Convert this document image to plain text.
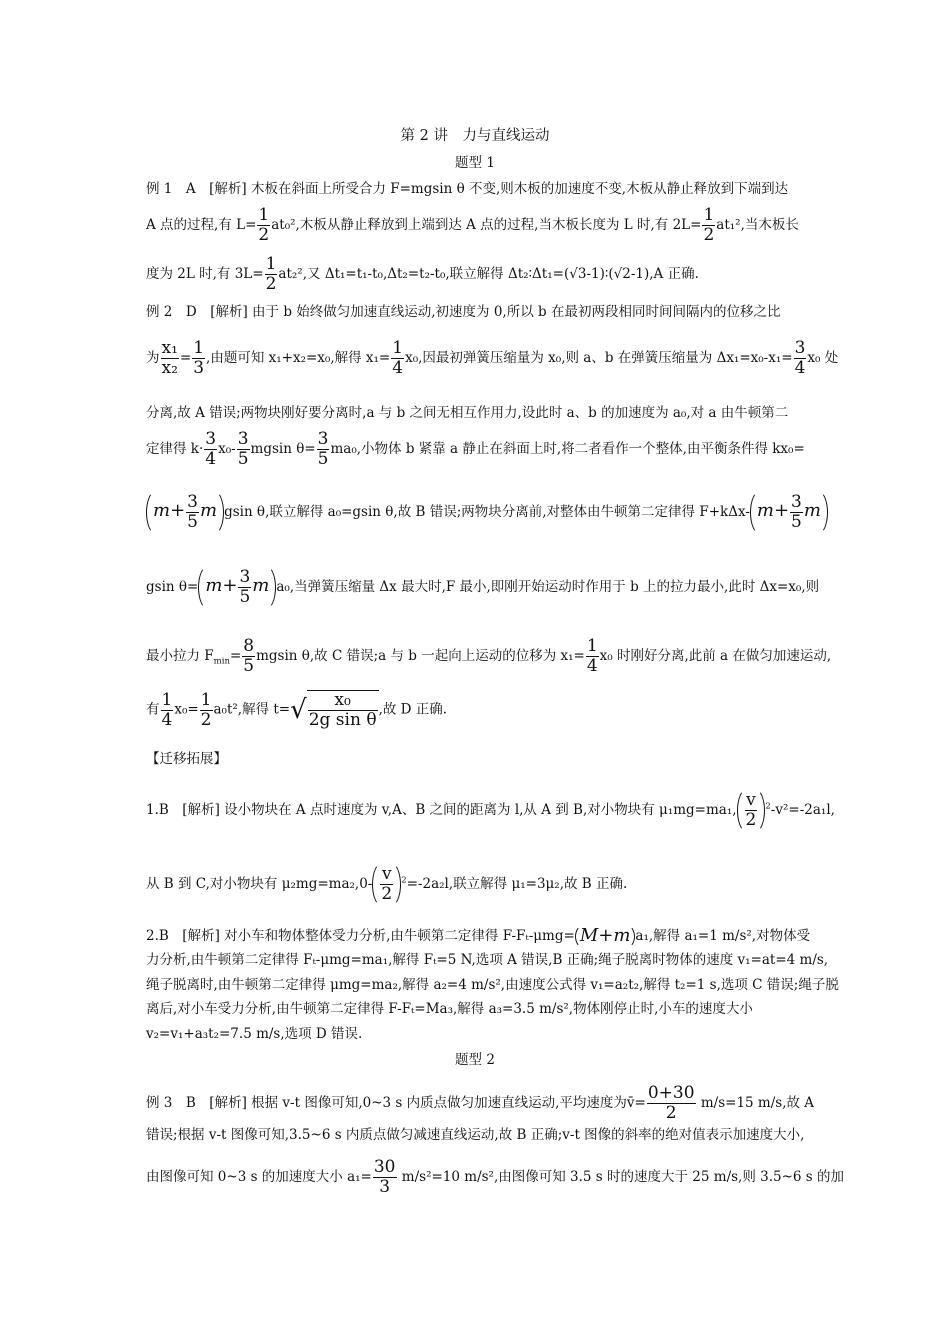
第 2 讲　力与直线运动
题型 1
例 1　A　[解析] 木板在斜面上所受合力 F=mgsin θ 不变,则木板的加速度不变,木板从静止释放到下端到达
A 点的过程,有 $L= \frac{1}{2} at_0^2$,木板从静止释放到上端到达 A 点的过程,当木板长度为 L 时,有 $2L= \frac{1}{2} at_1^2$,当木板长
度为 2L 时,有 $3L= \frac{1}{2} at_2^2$,又 Δt₁=t₁-t₀,Δt₂=t₂-t₀,联立解得 Δt₂∶Δt₁=(√3-1)∶(√2-1),A 正确.
例 2　D　[解析] 由于 b 始终做匀加速直线运动,初速度为 0,所以 b 在最初两段相同时间间隔内的位移之比
为 $\frac{\text{x₁}}{\text{x₂}} = \frac{1}{3}$ ,由题可知 x₁+x₂=x₀,解得 $x_1= \frac{1}{4} x_0$,因最初弹簧压缩量为 x₀,则 a、b 在弹簧压缩量为 $\Delta x_1=x_0-x_1= \frac{3}{4} x_0$ 处
分离,故 A 错误;两物块刚好要分离时,a 与 b 之间无相互作用力,设此时 a、b 的加速度为 a₀,对 a 由牛顿第二
定律得 $k\cdot \frac{3}{4} x_0- \frac{3}{5}$ mgsin $\theta= \frac{3}{5} ma_0$,小物体 b 紧靠 a 静止在斜面上时,将二者看作一个整体,由平衡条件得 kx₀=
$m+ \frac{3}{5}$ m gsin θ,联立解得 a₀=gsin θ,故 B 错误;两物块分离前,对整体由牛顿第二定律得 F+kΔx- $m+ \frac{3}{5}$ m
gsin $\theta= m+ \frac{3}{5}$ m a₀,当弹簧压缩量 Δx 最大时,F 最小,即刚开始运动时作用于 b 上的拉力最小,此时 Δx=x₀,则
最小拉力 $F_{min}= \frac{8}{5}$ mgsin θ,故 C 错误;a 与 b 一起向上运动的位移为 $x_1= \frac{1}{4} x_0$ 时刚好分离,此前 a 在做匀加速运动,
有 $\frac{1}{4} x_0= \frac{1}{2} a_0t^2$,解得 $t=√ \frac{\text{x₀}}{\text{2g sin θ}}$ ,故 D 正确.
【迁移拓展】
1.B　[解析] 设小物块在 A 点时速度为 v,A、B 之间的距离为 l,从 A 到 B,对小物块有 μ₁mg=ma₁, $\frac{v}{2} ^2-v^2=-2a_1l$,
从 B 到 C,对小物块有 $\mu_2mg=ma_2,0- \frac{v}{2} ^2=-2a_2l$,联立解得 μ₁=3μ₂,故 B 正确.
2.B　[解析] 对小车和物体整体受力分析,由牛顿第二定律得 F-Fₜ-μmg= M+m a₁,解得 a₁=1 m/s²,对物体受
力分析,由牛顿第二定律得 Fₜ-μmg=ma₁,解得 Fₜ=5 N,选项 A 错误,B 正确;绳子脱离时物体的速度 v₁=at=4 m/s,
绳子脱离时,由牛顿第二定律得 μmg=ma₂,解得 a₂=4 m/s²,由速度公式得 v₁=a₂t₂,解得 t₂=1 s,选项 C 错误;绳子脱
离后,对小车受力分析,由牛顿第二定律得 F-Fₜ=Ma₃,解得 a₃=3.5 m/s²,物体刚停止时,小车的速度大小
v₂=v₁+a₃t₂=7.5 m/s,选项 D 错误.
题型 2
例 3　B　[解析] 根据 v-t 图像可知,0~3 s 内质点做匀加速直线运动,平均速度为v̄= $\frac{0+30}{2} m/s=15$ m/s,故 A
错误;根据 v-t 图像可知,3.5~6 s 内质点做匀减速直线运动,故 B 正确;v-t 图像的斜率的绝对值表示加速度大小,
由图像可知 0~3 s 的加速度大小 $a_1= \frac{30}{3} m/s^2=10$ m/s²,由图像可知 3.5 s 时的速度大于 25 m/s,则 3.5~6 s 的加
